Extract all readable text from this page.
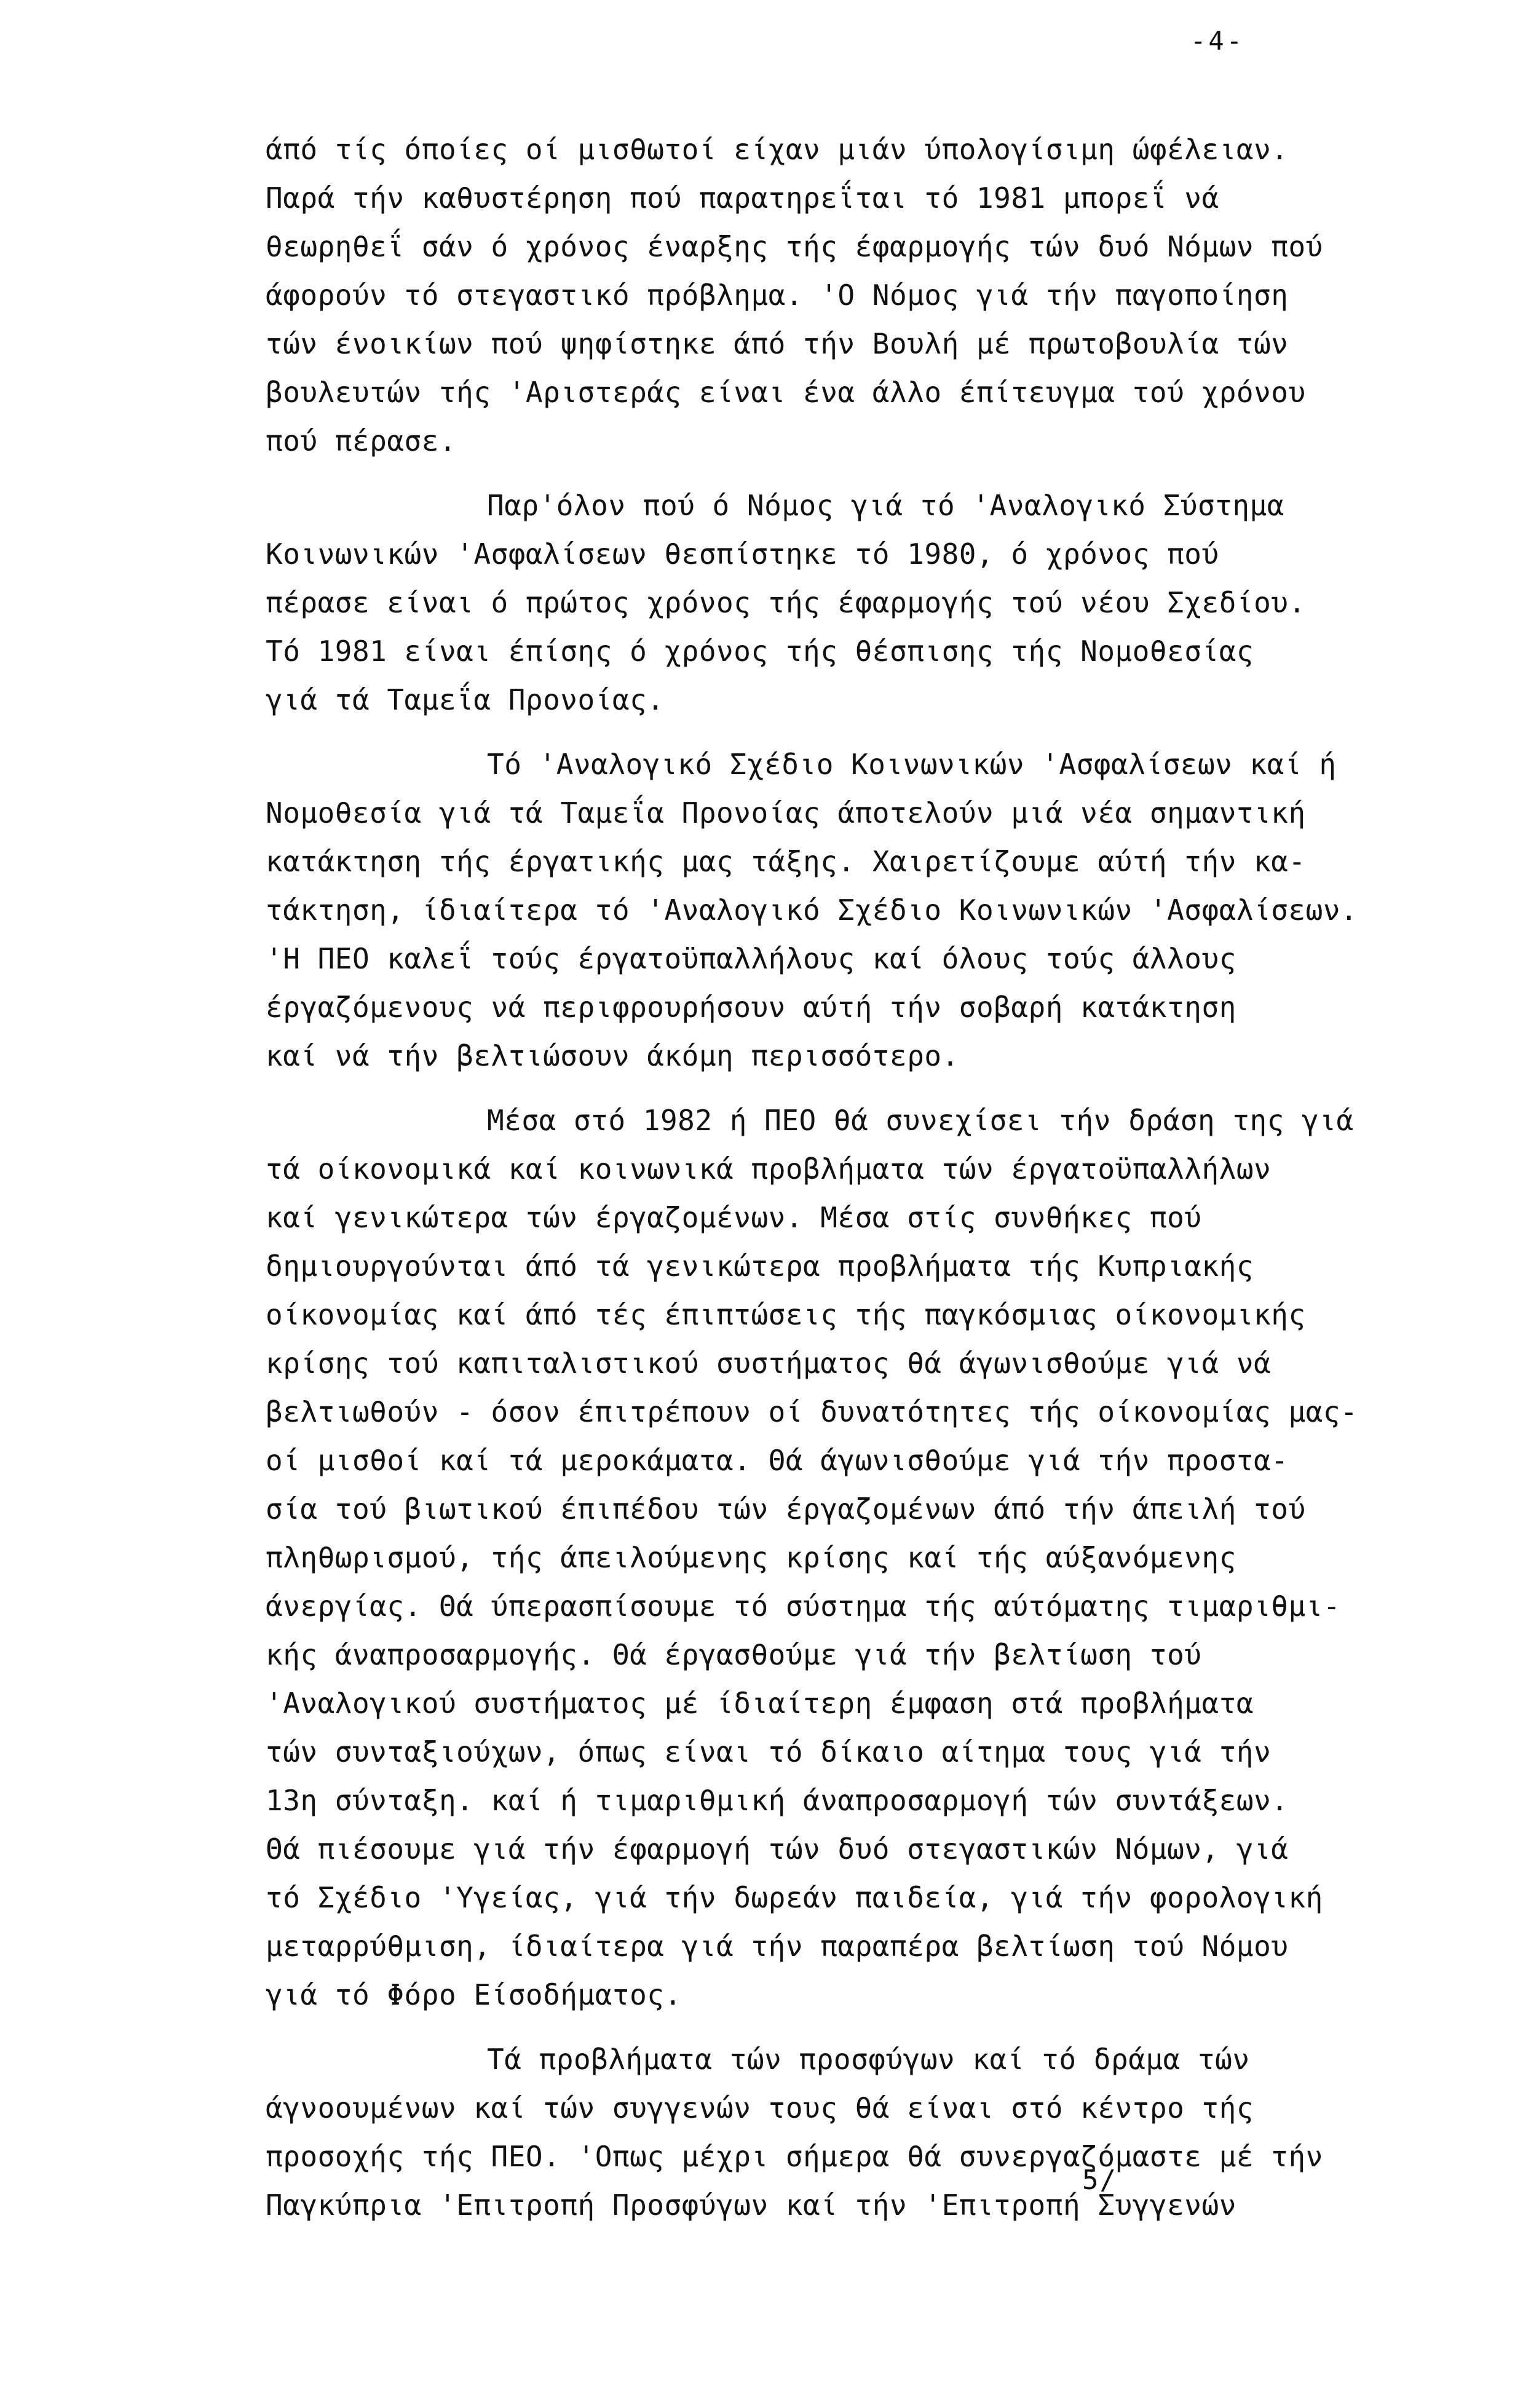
-4-
άπό τίς όποίες οί μισθωτοί είχαν μιάν ύπολογίσιμη ώφέλειαν.
Παρά τήν καθυστέρηση πού παρατηρεΐται τό 1981 μπορεΐ νά
θεωρηθεΐ σάν ό χρόνος έναρξης τής έφαρμογής τών δυό Νόμων πού
άφορούν τό στεγαστικό πρόβλημα. 'Ο Νόμος γιά τήν παγοποίηση
τών ένοικίων πού ψηφίστηκε άπό τήν Βουλή μέ πρωτοβουλία τών
βουλευτών τής 'Αριστεράς είναι ένα άλλο έπίτευγμα τού χρόνου
πού πέρασε.
Παρ'όλον πού ό Νόμος γιά τό 'Αναλογικό Σύστημα
Κοινωνικών 'Ασφαλίσεων θεσπίστηκε τό 1980, ό χρόνος πού
πέρασε είναι ό πρώτος χρόνος τής έφαρμογής τού νέου Σχεδίου.
Τό 1981 είναι έπίσης ό χρόνος τής θέσπισης τής Νομοθεσίας
γιά τά Ταμεΐα Προνοίας.
Τό 'Αναλογικό Σχέδιο Κοινωνικών 'Ασφαλίσεων καί ή
Νομοθεσία γιά τά Ταμεΐα Προνοίας άποτελούν μιά νέα σημαντική
κατάκτηση τής έργατικής μας τάξης. Χαιρετίζουμε αύτή τήν κα-
τάκτηση, ίδιαίτερα τό 'Αναλογικό Σχέδιο Κοινωνικών 'Ασφαλίσεων.
'Η ΠΕΟ καλεΐ τούς έργατοϋπαλλήλους καί όλους τούς άλλους
έργαζόμενους νά περιφρουρήσουν αύτή τήν σοβαρή κατάκτηση
καί νά τήν βελτιώσουν άκόμη περισσότερο.
Μέσα στό 1982 ή ΠΕΟ θά συνεχίσει τήν δράση της γιά
τά οίκονομικά καί κοινωνικά προβλήματα τών έργατοϋπαλλήλων
καί γενικώτερα τών έργαζομένων. Μέσα στίς συνθήκες πού
δημιουργούνται άπό τά γενικώτερα προβλήματα τής Κυπριακής
οίκονομίας καί άπό τές έπιπτώσεις τής παγκόσμιας οίκονομικής
κρίσης τού καπιταλιστικού συστήματος θά άγωνισθούμε γιά νά
βελτιωθούν - όσον έπιτρέπουν οί δυνατότητες τής οίκονομίας μας-
οί μισθοί καί τά μεροκάματα. Θά άγωνισθούμε γιά τήν προστα-
σία τού βιωτικού έπιπέδου τών έργαζομένων άπό τήν άπειλή τού
πληθωρισμού, τής άπειλούμενης κρίσης καί τής αύξανόμενης
άνεργίας. Θά ύπερασπίσουμε τό σύστημα τής αύτόματης τιμαριθμι-
κής άναπροσαρμογής. Θά έργασθούμε γιά τήν βελτίωση τού
'Αναλογικού συστήματος μέ ίδιαίτερη έμφαση στά προβλήματα
τών συνταξιούχων, όπως είναι τό δίκαιο αίτημα τους γιά τήν
13η σύνταξη. καί ή τιμαριθμική άναπροσαρμογή τών συντάξεων.
Θά πιέσουμε γιά τήν έφαρμογή τών δυό στεγαστικών Νόμων, γιά
τό Σχέδιο 'Υγείας, γιά τήν δωρεάν παιδεία, γιά τήν φορολογική
μεταρρύθμιση, ίδιαίτερα γιά τήν παραπέρα βελτίωση τού Νόμου
γιά τό Φόρο Είσοδήματος.
Τά προβλήματα τών προσφύγων καί τό δράμα τών
άγνοουμένων καί τών συγγενών τους θά είναι στό κέντρο τής
προσοχής τής ΠΕΟ. 'Οπως μέχρι σήμερα θά συνεργαζόμαστε μέ τήν
Παγκύπρια 'Επιτροπή Προσφύγων καί τήν 'Επιτροπή Συγγενών
5/
